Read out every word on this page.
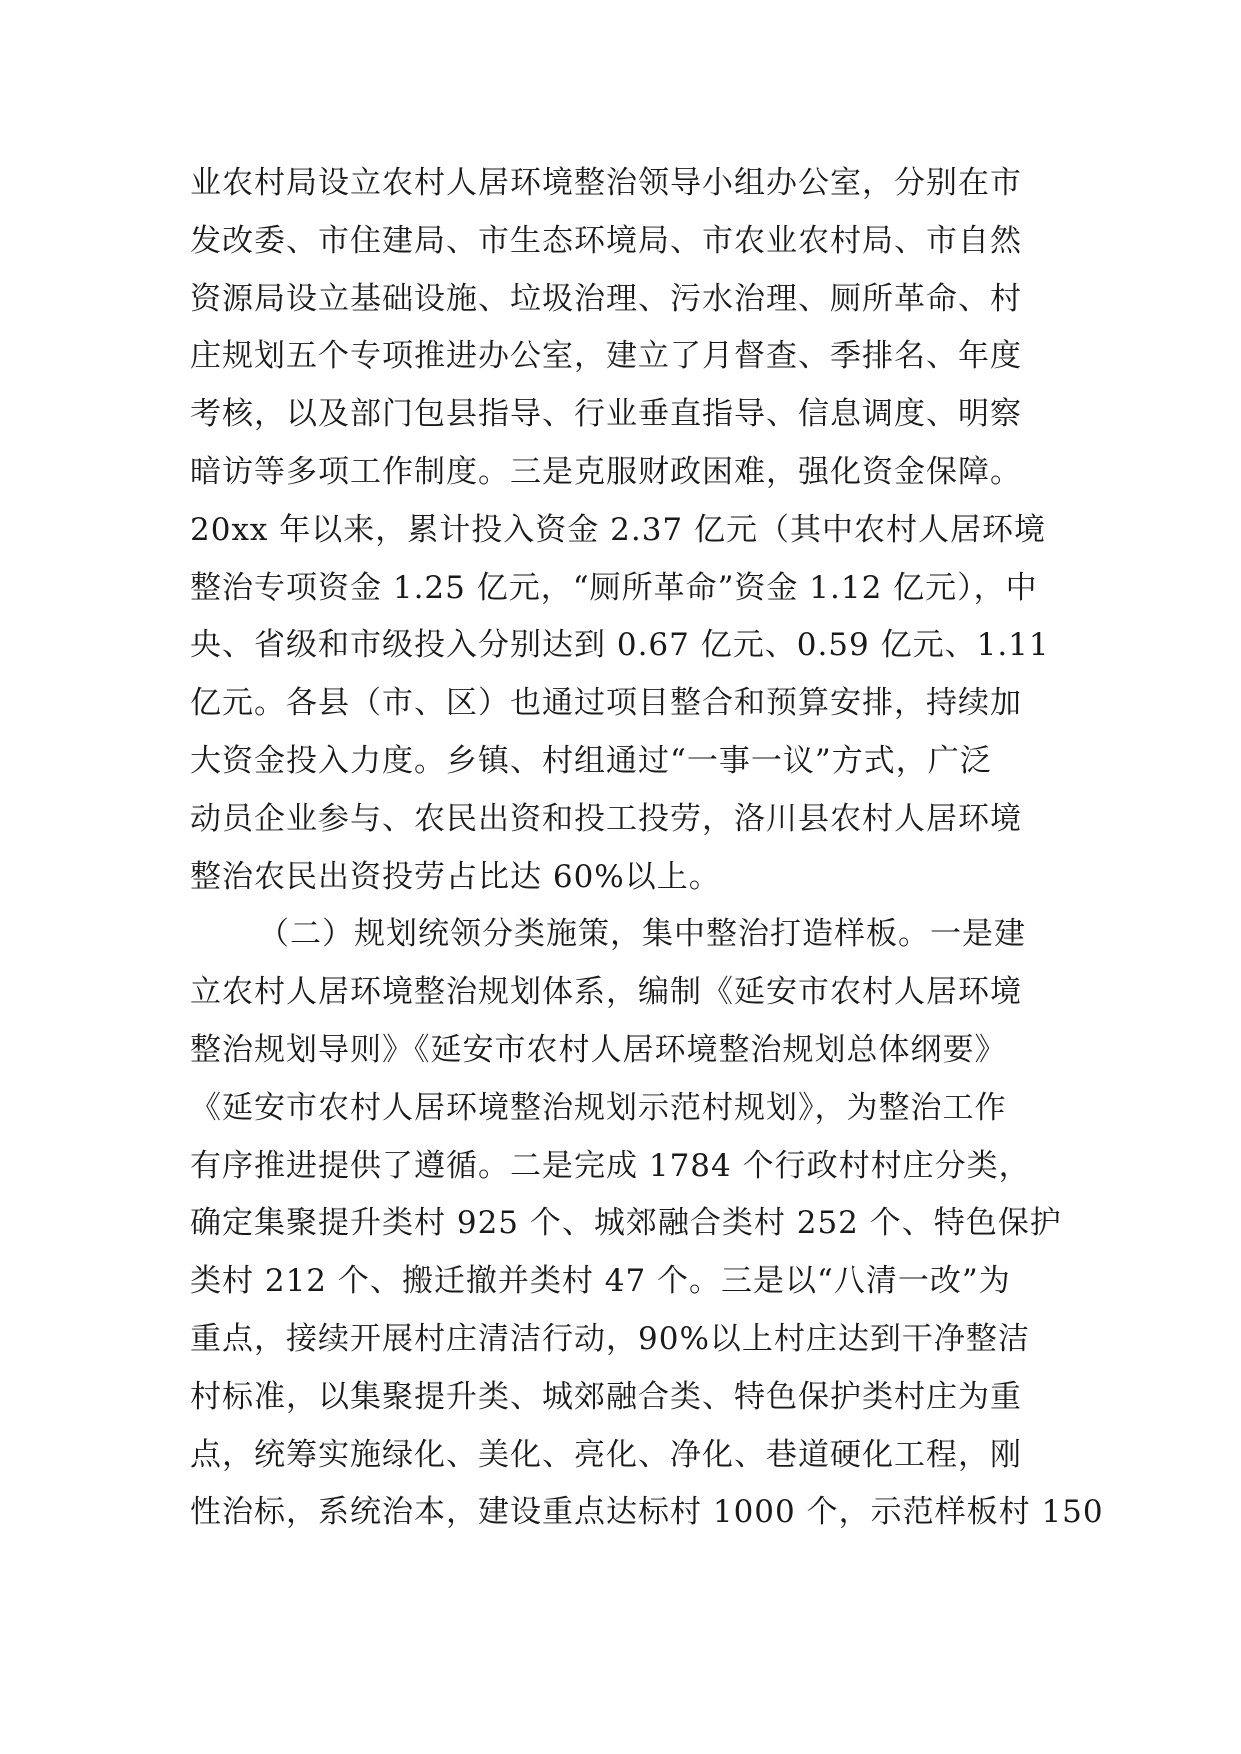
业农村局设立农村人居环境整治领导小组办公室，分别在市
发改委、市住建局、市生态环境局、市农业农村局、市自然
资源局设立基础设施、垃圾治理、污水治理、厕所革命、村
庄规划五个专项推进办公室，建立了月督查、季排名、年度
考核，以及部门包县指导、行业垂直指导、信息调度、明察
暗访等多项工作制度。三是克服财政困难，强化资金保障。
20xx 年以来，累计投入资金 2.37 亿元（其中农村人居环境
整治专项资金 1.25 亿元，“厕所革命”资金 1.12 亿元），中
央、省级和市级投入分别达到 0.67 亿元、0.59 亿元、1.11
亿元。各县（市、区）也通过项目整合和预算安排，持续加
大资金投入力度。乡镇、村组通过“一事一议”方式，广泛
动员企业参与、农民出资和投工投劳，洛川县农村人居环境
整治农民出资投劳占比达 60%以上。
（二）规划统领分类施策，集中整治打造样板。一是建
立农村人居环境整治规划体系，编制《延安市农村人居环境
整治规划导则》《延安市农村人居环境整治规划总体纲要》
《延安市农村人居环境整治规划示范村规划》，为整治工作
有序推进提供了遵循。二是完成 1784 个行政村村庄分类，
确定集聚提升类村 925 个、城郊融合类村 252 个、特色保护
类村 212 个、搬迁撤并类村 47 个。三是以“八清一改”为
重点，接续开展村庄清洁行动，90%以上村庄达到干净整洁
村标准，以集聚提升类、城郊融合类、特色保护类村庄为重
点，统筹实施绿化、美化、亮化、净化、巷道硬化工程，刚
性治标，系统治本，建设重点达标村 1000 个，示范样板村 150
